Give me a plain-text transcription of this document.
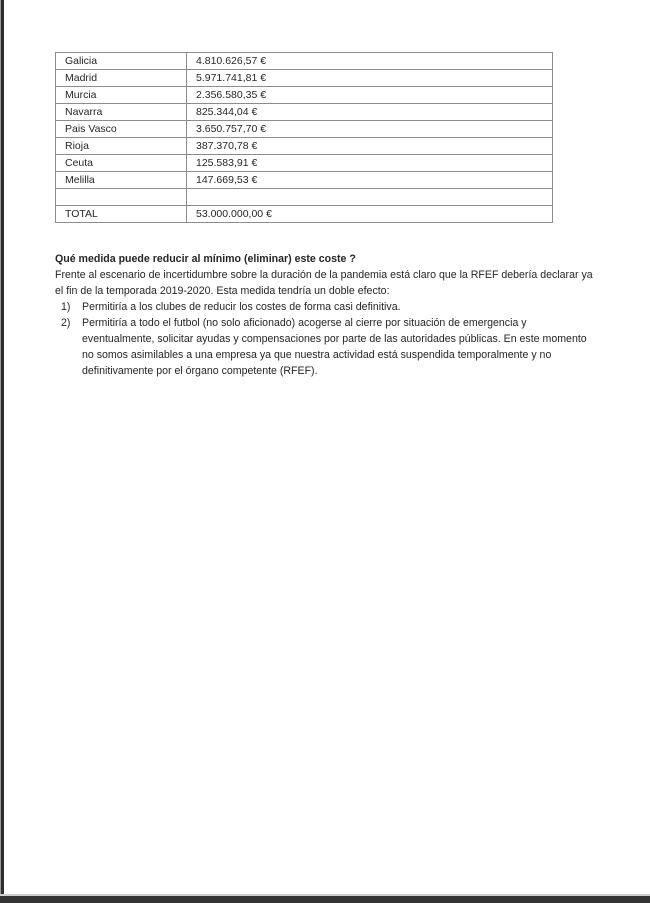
Galicia	4.810.626,57 €
Madrid	5.971.741,81 €
Murcia	2.356.580,35 €
Navarra	825.344,04 €
Pais Vasco	3.650.757,70 €
Rioja	387.370,78 €
Ceuta	125.583,91 €
Melilla	147.669,53 €

TOTAL	53.000.000,00 €
Qué medida puede reducir al mínimo (eliminar) este coste ?

Frente al escenario de incertidumbre sobre la duración de la pandemia está claro que la RFEF debería declarar ya el fin de la temporada 2019-2020. Esta medida tendría un doble efecto:

1)	Permitiría a los clubes de reducir los costes de forma casi definitiva.
2)	Permitiría a todo el futbol (no solo aficionado) acogerse al cierre por situación de emergencia y eventualmente, solicitar ayudas y compensaciones por parte de las autoridades públicas. En este momento no somos asimilables a una empresa ya que nuestra actividad está suspendida temporalmente y no definitivamente por el órgano competente (RFEF).
